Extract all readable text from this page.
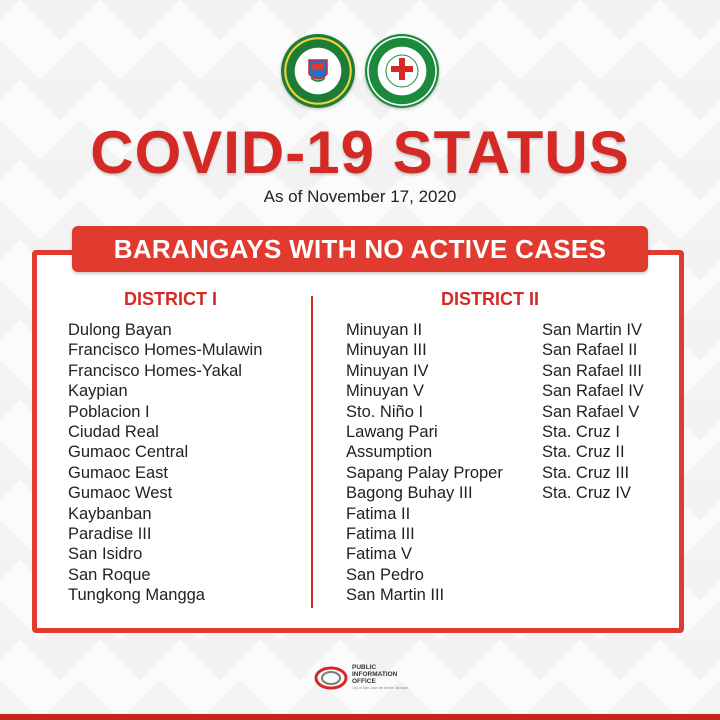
COVID-19 STATUS
As of November 17, 2020
BARANGAYS WITH NO ACTIVE CASES
DISTRICT I	DISTRICT II
Dulong Bayan
Francisco Homes-Mulawin
Francisco Homes-Yakal
Kaypian
Poblacion I
Ciudad Real
Gumaoc Central
Gumaoc East
Gumaoc West
Kaybanban
Paradise III
San Isidro
San Roque
Tungkong Mangga
Minuyan II
Minuyan III
Minuyan IV
Minuyan V
Sto. Niño I
Lawang Pari
Assumption
Sapang Palay Proper
Bagong Buhay III
Fatima II
Fatima III
Fatima V
San Pedro
San Martin III
San Martin IV
San Rafael II
San Rafael III
San Rafael IV
San Rafael V
Sta. Cruz I
Sta. Cruz II
Sta. Cruz III
Sta. Cruz IV
PUBLIC
INFORMATION
OFFICE
City of San Jose del Monte, Bulacan
